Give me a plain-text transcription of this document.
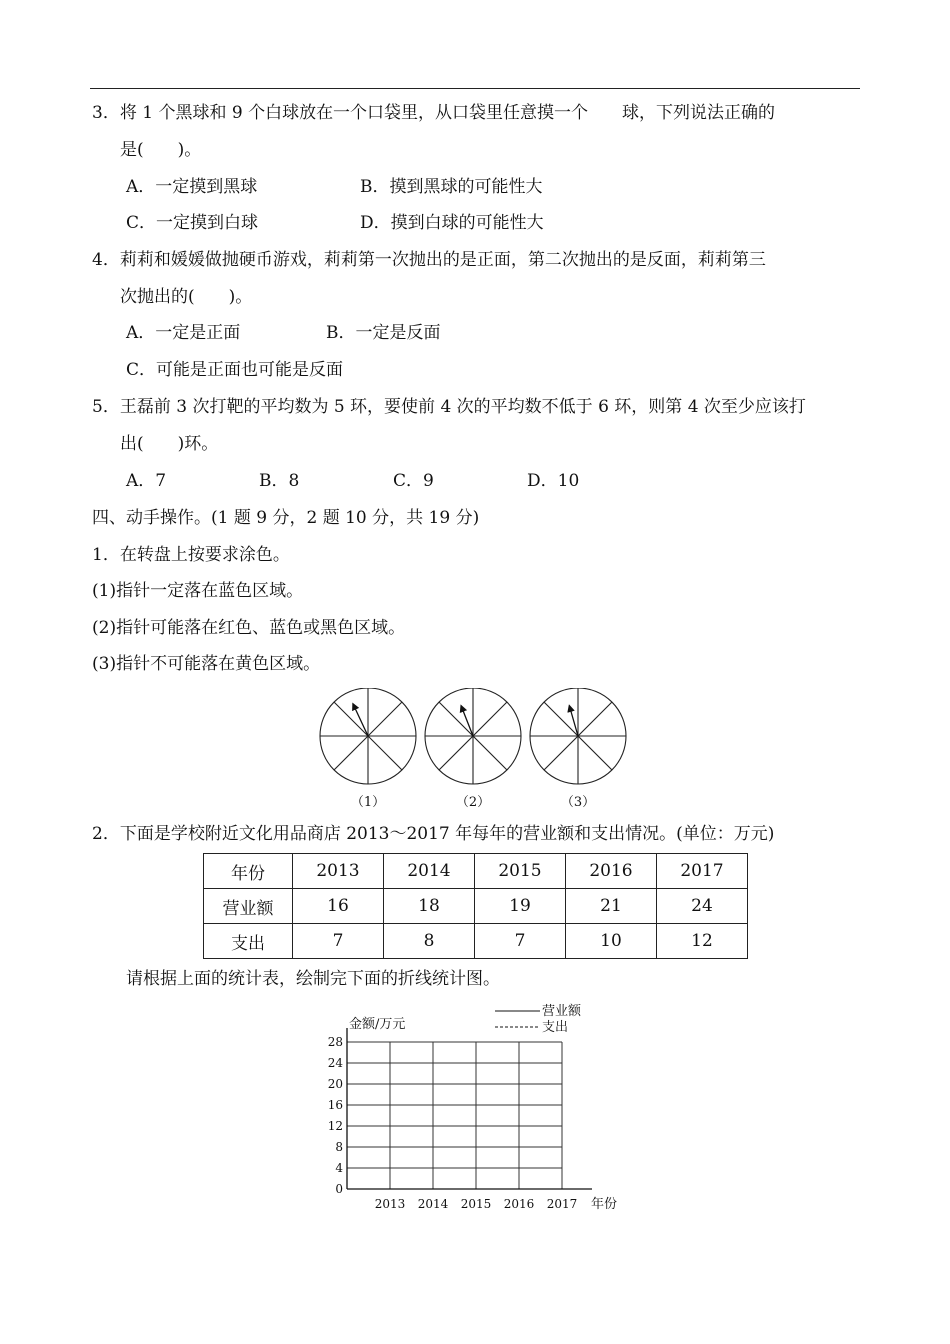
3．将 1 个黑球和 9 个白球放在一个口袋里，从口袋里任意摸一个　　球，下列说法正确的
是(　　)。
A．一定摸到黑球	B．摸到黑球的可能性大
C．一定摸到白球	D．摸到白球的可能性大
4．莉莉和媛媛做抛硬币游戏，莉莉第一次抛出的是正面，第二次抛出的是反面，莉莉第三
次抛出的(　　)。
A．一定是正面	B．一定是反面
C．可能是正面也可能是反面
5．王磊前 3 次打靶的平均数为 5 环，要使前 4 次的平均数不低于 6 环，则第 4 次至少应该打
出(　　)环。
A．7	B．8	C．9	D．10
四、动手操作。(1 题 9 分，2 题 10 分，共 19 分)
1．在转盘上按要求涂色。
(1)指针一定落在蓝色区域。
(2)指针可能落在红色、蓝色或黑色区域。
(3)指针不可能落在黄色区域。
（1）	（2）	（3）
2．下面是学校附近文化用品商店 2013～2017 年每年的营业额和支出情况。(单位：万元)
年份	2013	2014	2015	2016	2017
营业额	16	18	19	21	24
支出	7	8	7	10	12
请根据上面的统计表，绘制完下面的折线统计图。
0
4
8
12
16
20
24
28
2013 2014 2015 2016 2017 年份
金额/万元
营业额
支出
